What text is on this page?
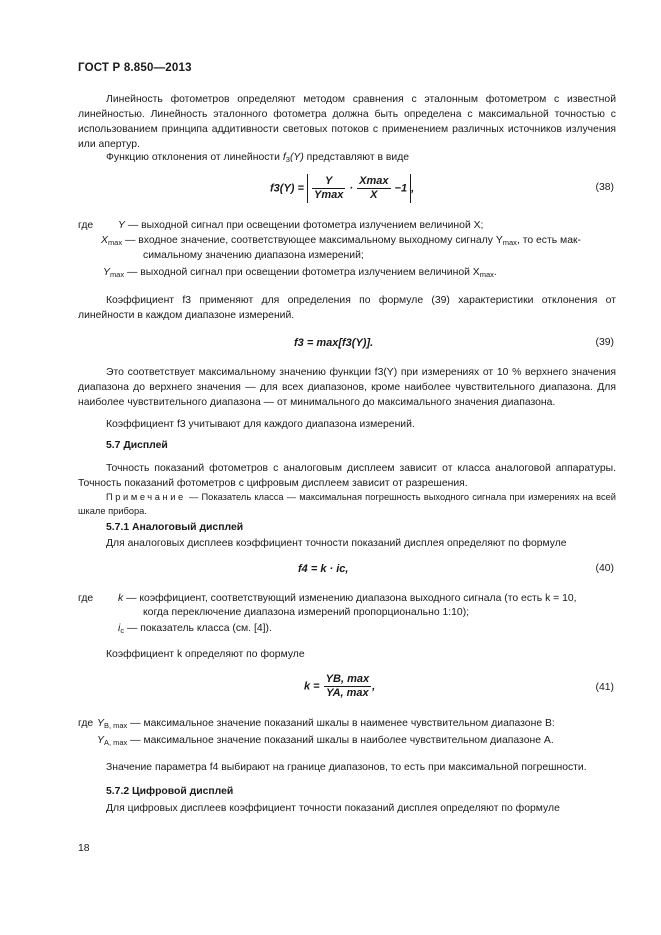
ГОСТ Р 8.850—2013
Линейность фотометров определяют методом сравнения с эталонным фотометром с известной линейностью. Линейность эталонного фотометра должна быть определена с максимальной точностью с использованием принципа аддитивности световых потоков с применением различных источников излучения или апертур.
Функцию отклонения от линейности $f_3(Y)$ представляют в виде
$f3(Y) = \frac{Y}{Ymax} \cdot \frac{Xmax}{X} -1$ ,	(38)
где Y — выходной сигнал при освещении фотометра излучением величиной X;
$X_{max}$ — входное значение, соответствующее максимальному выходному сигналу $Y_{max}$, то есть мак-
симальному значению диапазона измерений;
$Y_{max}$ — выходной сигнал при освещении фотометра излучением величиной $X_{max}$.
Коэффициент f3 применяют для определения по формуле (39) характеристики отклонения от линейности в каждом диапазоне измерений.
f3 = max[f3(Y)].	(39)
Это соответствует максимальному значению функции f3(Y) при измерениях от 10 % верхнего значения диапазона до верхнего значения — для всех диапазонов, кроме наиболее чувствительного диапазона. Для наиболее чувствительного диапазона — от минимального до максимального значения диапазона.
Коэффициент f3 учитывают для каждого диапазона измерений.
5.7 Дисплей
Точность показаний фотометров с аналоговым дисплеем зависит от класса аналоговой аппаратуры. Точность показаний фотометров с цифровым дисплеем зависит от разрешения.
Примечание — Показатель класса — максимальная погрешность выходного сигнала при измерениях на всей шкале прибора.
5.7.1 Аналоговый дисплей
Для аналоговых дисплеев коэффициент точности показаний дисплея определяют по формуле
f4 = k · ic,	(40)
где k — коэффициент, соответствующий изменению диапазона выходного сигнала (то есть k = 10,
когда переключение диапазона измерений пропорционально 1:10);
$i_c$ — показатель класса (см. [4]).
Коэффициент k определяют по формуле
$k = \frac{YB, \max}{YA, \max}$ ,	(41)
где $Y_{B, max}$ — максимальное значение показаний шкалы в наименее чувствительном диапазоне B:
$Y_{A, max}$ — максимальное значение показаний шкалы в наиболее чувствительном диапазоне A.
Значение параметра f4 выбирают на границе диапазонов, то есть при максимальной погрешности.
5.7.2 Цифровой дисплей
Для цифровых дисплеев коэффициент точности показаний дисплея определяют по формуле
18
